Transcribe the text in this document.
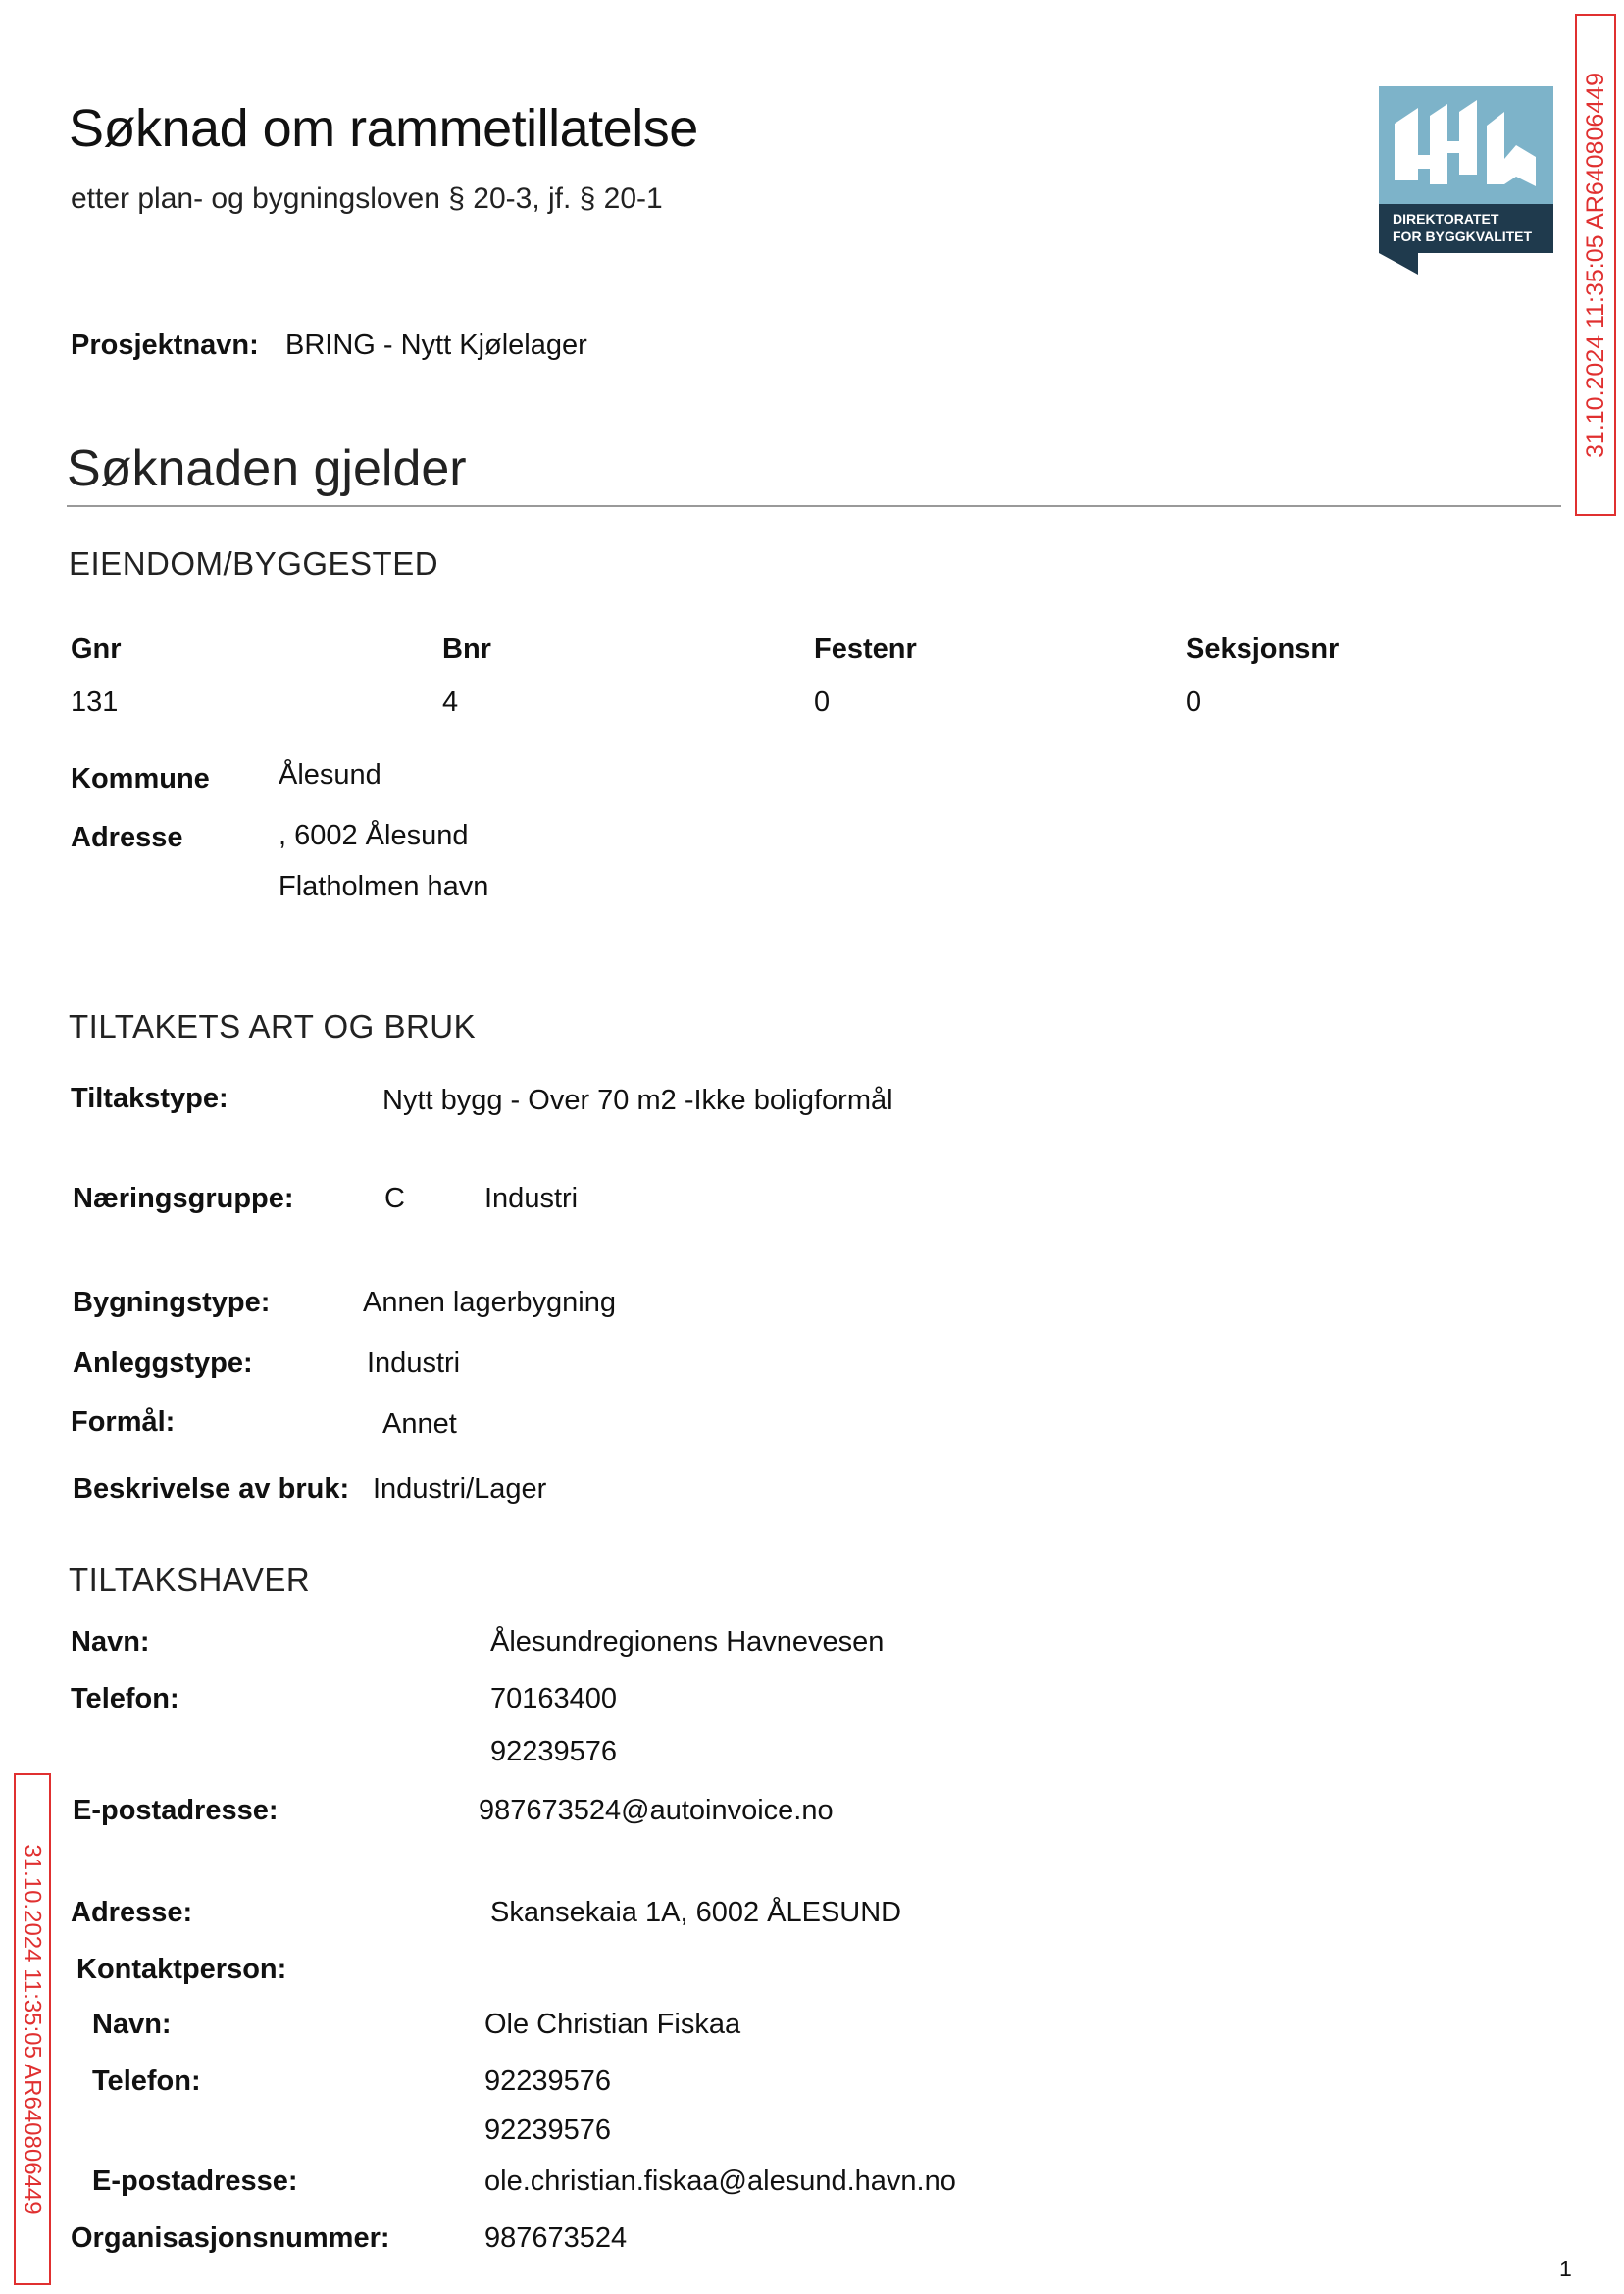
Søknad om rammetillatelse
etter plan- og bygningsloven § 20-3, jf. § 20-1
DIREKTORATET
FOR BYGGKVALITET 31.10.2024 11:35:05 AR640806449
Prosjektnavn: BRING - Nytt Kjølelager
Søknaden gjelder
EIENDOM/BYGGESTED
Gnr	Bnr	Festenr	Seksjonsnr
131	4	0	0
Kommune Ålesund
Adresse	, 6002 Ålesund
Flatholmen havn
TILTAKETS ART OG BRUK
Tiltakstype:	Nytt bygg - Over 70 m2 -Ikke boligformål
Næringsgruppe:	C	Industri
Bygningstype:	Annen lagerbygning
Anleggstype:	Industri
Formål:	Annet
Beskrivelse av bruk: Industri/Lager
TILTAKSHAVER
Navn:	Ålesundregionens Havnevesen
Telefon:	70163400
92239576
E-postadresse:	987673524@autoinvoice.no
Adresse:	Skansekaia 1A, 6002 ÅLESUND
Kontaktperson:
Navn:	Ole Christian Fiskaa
Telefon:	92239576
92239576
E-postadresse:	ole.christian.fiskaa@alesund.havn.no
Organisasjonsnummer:	987673524
31.10.2024 11:35:05 AR640806449
1
